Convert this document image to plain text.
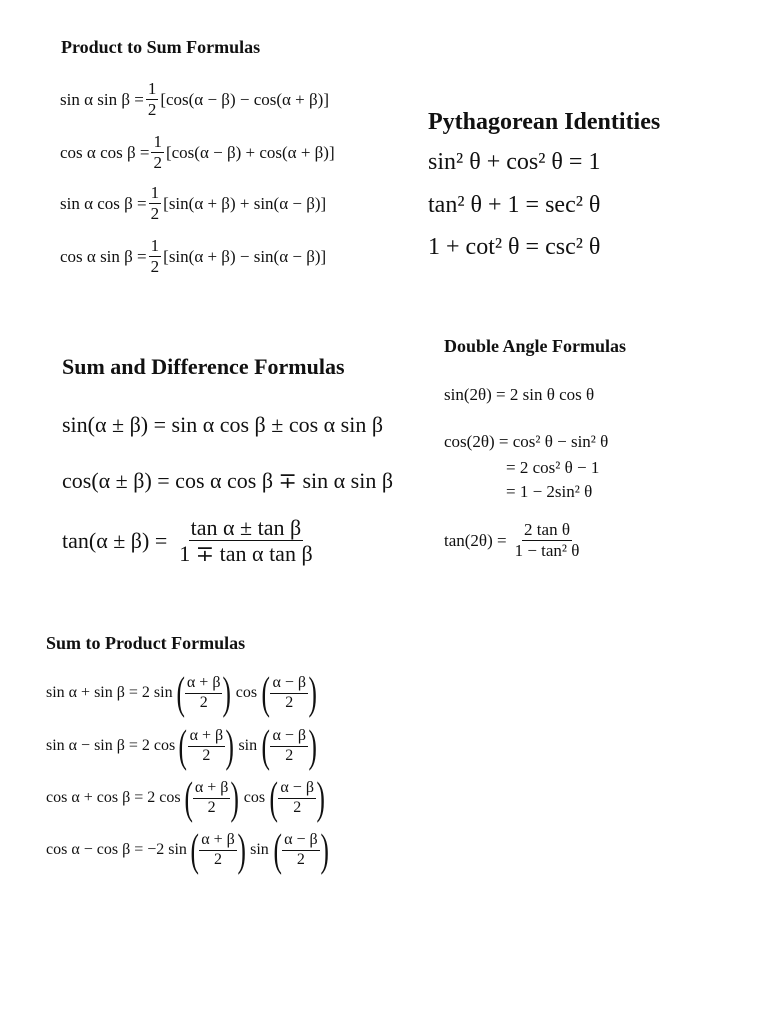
Product to Sum Formulas
sin α $\sin \beta = \frac{1}{2} [\cos(\alpha - \beta) - \cos(\alpha + \beta)]$
cos α $\cos \beta = \frac{1}{2} [\cos(\alpha - \beta) + \cos(\alpha + \beta)]$
sin α $\cos \beta = \frac{1}{2} [\sin(\alpha + \beta) + \sin(\alpha - \beta)]$
cos α $\sin \beta = \frac{1}{2} [\sin(\alpha + \beta) - \sin(\alpha - \beta)]$
Pythagorean Identities
sin² θ + cos² θ = 1
tan² θ + 1 = sec² θ
1 + cot² θ = csc² θ
Sum and Difference Formulas
sin(α ± β) = sin α cos β ± cos α sin β
cos(α ± β) = cos α cos β ∓ sin α sin β
$\tan(\alpha \pm \beta) = \frac{\text{tan α ± tan β}}{\text{1 ∓ tan α tan β}}$
Double Angle Formulas
sin(2θ) = 2 sin θ cos θ
cos(2θ) = cos² θ − sin² θ
= 2 cos² θ − 1
= 1 − 2sin² θ
$\tan(2\theta) = \frac{\text{2 tan θ}}{\text{1 − tan² θ}}$
Sum to Product Formulas
sin α + sin β = 2 sin ( $\frac{\alpha + \beta}{2}$ ) cos ( $\frac{\alpha - \beta}{2}$ )
sin α − sin β = 2 cos ( $\frac{\alpha + \beta}{2}$ ) sin ( $\frac{\alpha - \beta}{2}$ )
cos α + cos β = 2 cos ( $\frac{\alpha + \beta}{2}$ ) cos ( $\frac{\alpha - \beta}{2}$ )
cos α − cos β = −2 sin ( $\frac{\alpha + \beta}{2}$ ) sin ( $\frac{\alpha - \beta}{2}$ )
